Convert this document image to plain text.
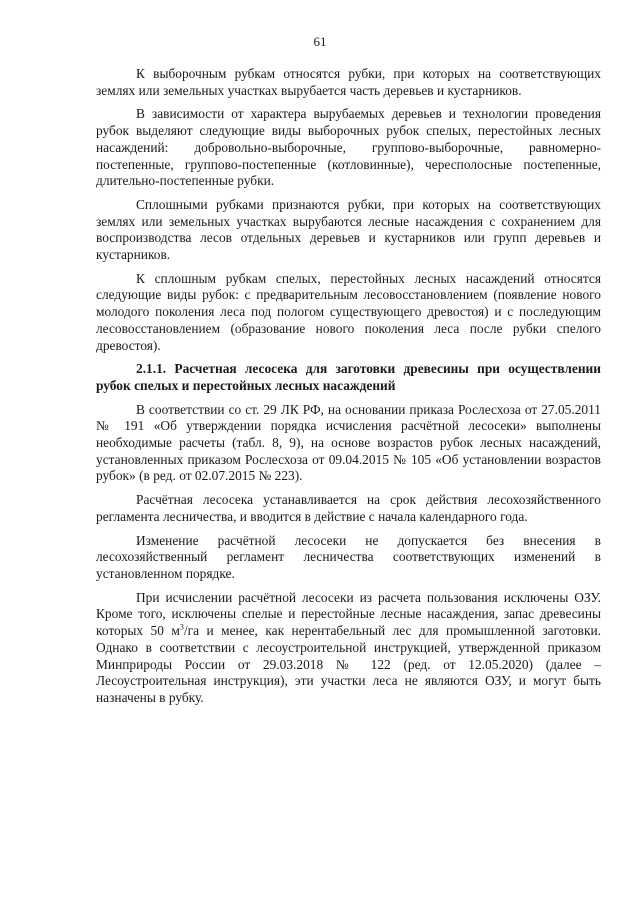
61

К выборочным рубкам относятся рубки, при которых на соответствующих землях или земельных участках вырубается часть деревьев и кустарников.

В зависимости от характера вырубаемых деревьев и технологии проведения рубок выделяют следующие виды выборочных рубок спелых, перестойных лесных насаждений: добровольно-выборочные, группово-выборочные, равномерно-постепенные, группово-постепенные (котловинные), чересполосные постепенные, длительно-постепенные рубки.

Сплошными рубками признаются рубки, при которых на соответствующих землях или земельных участках вырубаются лесные насаждения с сохранением для воспроизводства лесов отдельных деревьев и кустарников или групп деревьев и кустарников.

К сплошным рубкам спелых, перестойных лесных насаждений относятся следующие виды рубок: с предварительным лесовосстановлением (появление нового молодого поколения леса под пологом существующего древостоя) и с последующим лесовосстановлением (образование нового поколения леса после рубки спелого древостоя).

2.1.1. Расчетная лесосека для заготовки древесины при осуществлении рубок спелых и перестойных лесных насаждений

В соответствии со ст. 29 ЛК РФ, на основании приказа Рослесхоза от 27.05.2011 № 191 «Об утверждении порядка исчисления расчётной лесосеки» выполнены необходимые расчеты (табл. 8, 9), на основе возрастов рубок лесных насаждений, установленных приказом Рослесхоза от 09.04.2015 № 105 «Об установлении возрастов рубок» (в ред. от 02.07.2015 № 223).

Расчётная лесосека устанавливается на срок действия лесохозяйственного регламента лесничества, и вводится в действие с начала календарного года.

Изменение расчётной лесосеки не допускается без внесения в лесохозяйственный регламент лесничества соответствующих изменений в установленном порядке.

При исчислении расчётной лесосеки из расчета пользования исключены ОЗУ. Кроме того, исключены спелые и перестойные лесные насаждения, запас древесины которых 50 $м^3/га$ и менее, как нерентабельный лес для промышленной заготовки. Однако в соответствии с лесоустроительной инструкцией, утвержденной приказом Минприроды России от 29.03.2018 № 122 (ред. от 12.05.2020) (далее – Лесоустроительная инструкция), эти участки леса не являются ОЗУ, и могут быть назначены в рубку.
